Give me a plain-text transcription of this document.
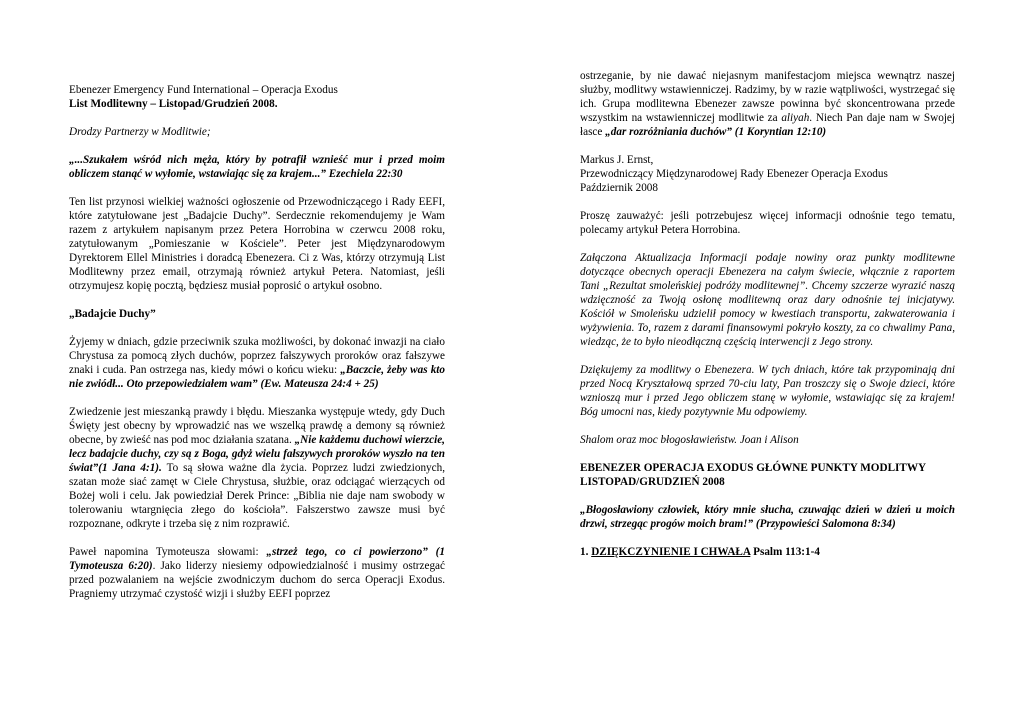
Ebenezer Emergency Fund International – Operacja Exodus

List Modlitewny – Listopad/Grudzień 2008.

Drodzy Partnerzy w Modlitwie;

„...Szukałem wśród nich męża, który by potrafił wznieść mur i przed moim obliczem stanąć w wyłomie, wstawiając się za krajem...” Ezechiela 22:30

Ten list przynosi wielkiej ważności ogłoszenie od Przewodniczącego i Rady EEFI, które zatytułowane jest „Badajcie Duchy”. Serdecznie rekomendujemy je Wam razem z artykułem napisanym przez Petera Horrobina w czerwcu 2008 roku, zatytułowanym „Pomieszanie w Kościele”. Peter jest Międzynarodowym Dyrektorem Ellel Ministries i doradcą Ebenezera. Ci z Was, którzy otrzymują List Modlitewny przez email, otrzymają również artykuł Petera. Natomiast, jeśli otrzymujesz kopię pocztą, będziesz musiał poprosić o artykuł osobno.

„Badajcie Duchy”

Żyjemy w dniach, gdzie przeciwnik szuka możliwości, by dokonać inwazji na ciało Chrystusa za pomocą złych duchów, poprzez fałszywych proroków oraz fałszywe znaki i cuda. Pan ostrzega nas, kiedy mówi o końcu wieku: „Baczcie, żeby was kto nie zwiódł... Oto przepowiedziałem wam” (Ew. Mateusza 24:4 + 25)

Zwiedzenie jest mieszanką prawdy i błędu. Mieszanka występuje wtedy, gdy Duch Święty jest obecny by wprowadzić nas we wszelką prawdę a demony są również obecne, by zwieść nas pod moc działania szatana. „Nie każdemu duchowi wierzcie, lecz badajcie duchy, czy są z Boga, gdyż wielu fałszywych proroków wyszło na ten świat”(1 Jana 4:1). To są słowa ważne dla życia. Poprzez ludzi zwiedzionych, szatan może siać zamęt w Ciele Chrystusa, służbie, oraz odciągać wierzących od Bożej woli i celu. Jak powiedział Derek Prince: „Biblia nie daje nam swobody w tolerowaniu wtargnięcia złego do kościoła”. Fałszerstwo zawsze musi być rozpoznane, odkryte i trzeba się z nim rozprawić.

Paweł napomina Tymoteusza słowami: „strzeż tego, co ci powierzono” (1 Tymoteusza 6:20). Jako liderzy niesiemy odpowiedzialność i musimy ostrzegać przed pozwalaniem na wejście zwodniczym duchom do serca Operacji Exodus. Pragniemy utrzymać czystość wizji i służby EEFI poprzez

ostrzeganie, by nie dawać niejasnym manifestacjom miejsca wewnątrz naszej służby, modlitwy wstawienniczej. Radzimy, by w razie wątpliwości, wystrzegać się ich. Grupa modlitewna Ebenezer zawsze powinna być skoncentrowana przede wszystkim na wstawienniczej modlitwie za aliyah. Niech Pan daje nam w Swojej łasce „dar rozróżniania duchów” (1 Koryntian 12:10)

Markus J. Ernst,

Przewodniczący Międzynarodowej Rady Ebenezer Operacja Exodus

Październik 2008

Proszę zauważyć: jeśli potrzebujesz więcej informacji odnośnie tego tematu, polecamy artykuł Petera Horrobina.

Załączona Aktualizacja Informacji podaje nowiny oraz punkty modlitewne dotyczące obecnych operacji Ebenezera na całym świecie, włącznie z raportem Tani „Rezultat smoleńskiej podróży modlitewnej”. Chcemy szczerze wyrazić naszą wdzięczność za Twoją osłonę modlitewną oraz dary odnośnie tej inicjatywy. Kościół w Smoleńsku udzielił pomocy w kwestiach transportu, zakwaterowania i wyżywienia. To, razem z darami finansowymi pokryło koszty, za co chwalimy Pana, wiedząc, że to było nieodłączną częścią interwencji z Jego strony.

Dziękujemy za modlitwy o Ebenezera. W tych dniach, które tak przypominają dni przed Nocą Kryształową sprzed 70-ciu laty, Pan troszczy się o Swoje dzieci, które wznioszą mur i przed Jego obliczem stanę w wyłomie, wstawiając się za krajem! Bóg umocni nas, kiedy pozytywnie Mu odpowiemy.

Shalom oraz moc błogosławieństw. Joan i Alison

EBENEZER OPERACJA EXODUS GŁÓWNE PUNKTY MODLITWY

LISTOPAD/GRUDZIEŃ 2008

„Błogosławiony człowiek, który mnie słucha, czuwając dzień w dzień u moich drzwi, strzegąc progów moich bram!” (Przypowieści Salomona 8:34)

1. DZIĘKCZYNIENIE I CHWAŁA Psalm 113:1-4
